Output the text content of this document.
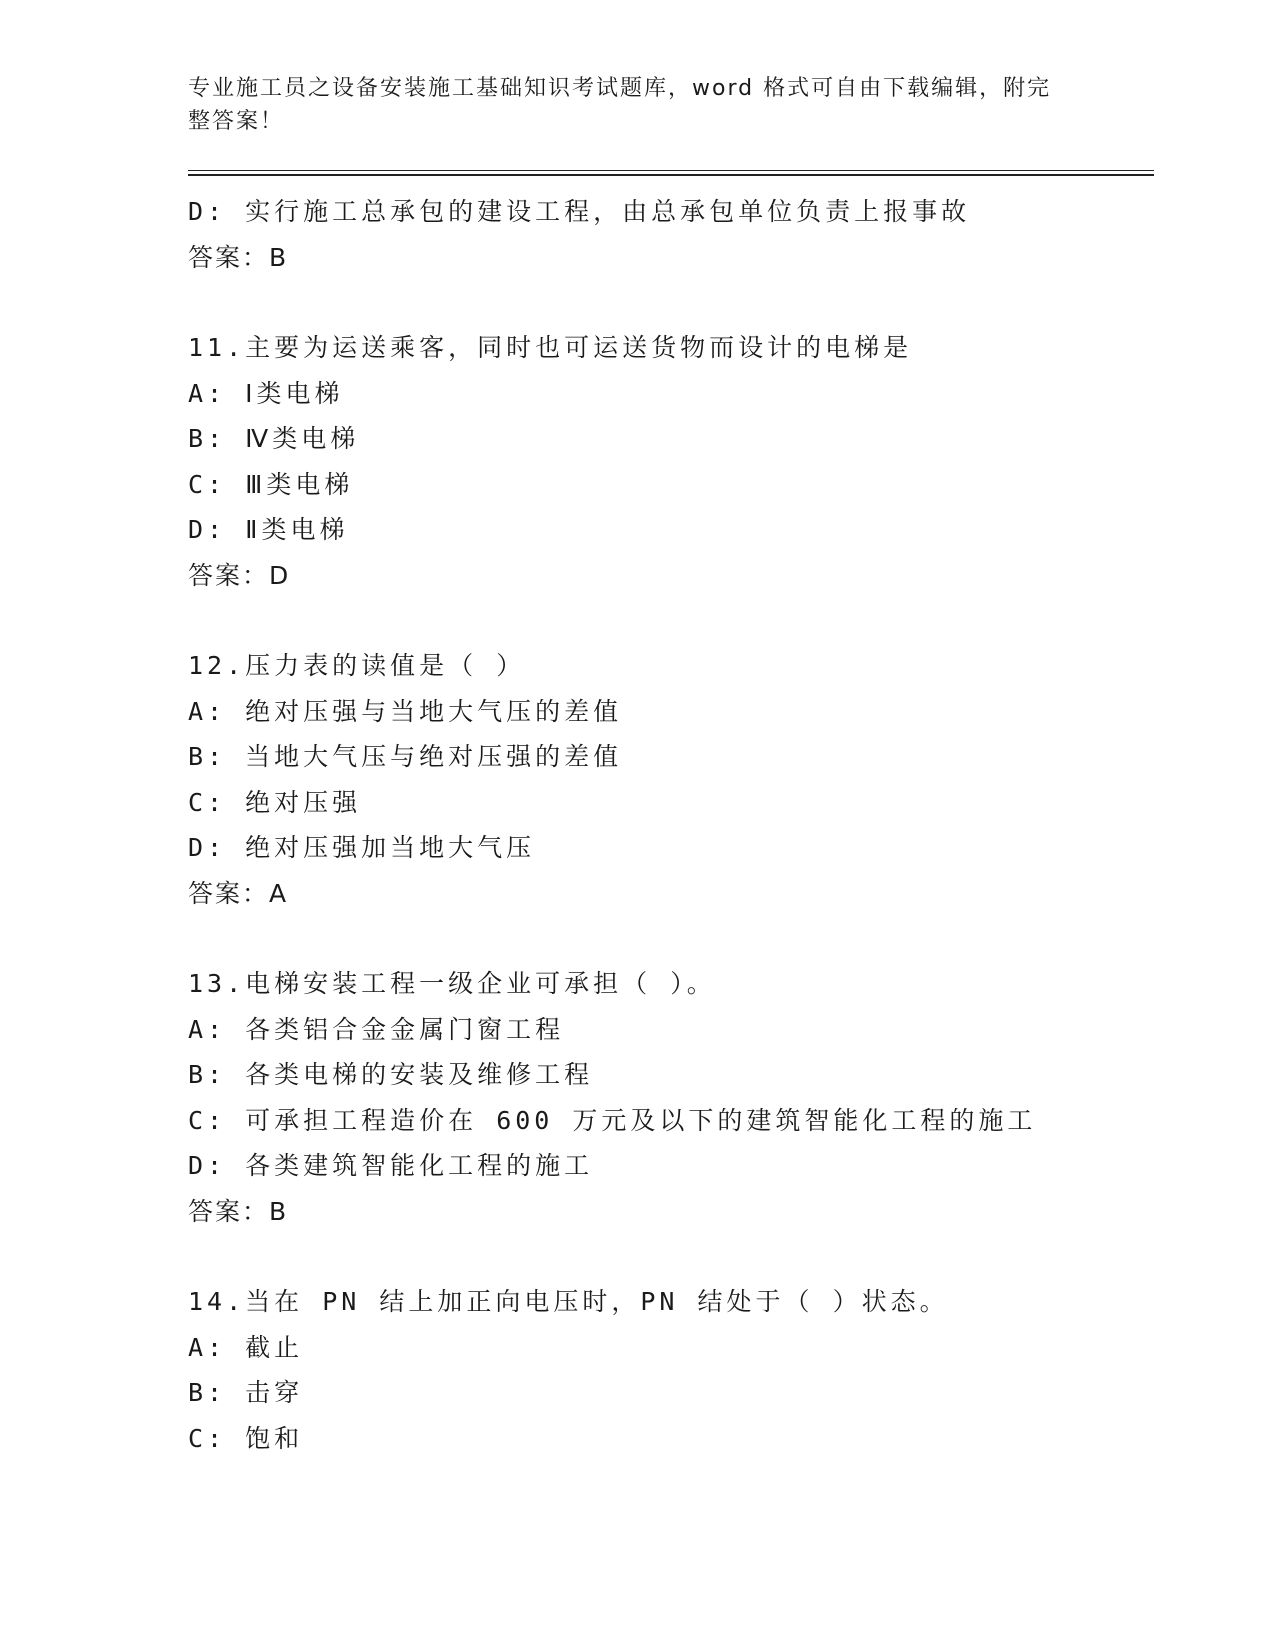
专业施工员之设备安装施工基础知识考试题库，word 格式可自由下载编辑，附完
整答案！
D: 实行施工总承包的建设工程，由总承包单位负责上报事故
答案：B
11.主要为运送乘客，同时也可运送货物而设计的电梯是
A: Ⅰ类电梯
B: Ⅳ类电梯
C: Ⅲ类电梯
D: Ⅱ类电梯
答案：D
12.压力表的读值是（ ）
A: 绝对压强与当地大气压的差值
B: 当地大气压与绝对压强的差值
C: 绝对压强
D: 绝对压强加当地大气压
答案：A
13.电梯安装工程一级企业可承担（ ）。
A: 各类铝合金金属门窗工程
B: 各类电梯的安装及维修工程
C: 可承担工程造价在 600 万元及以下的建筑智能化工程的施工
D: 各类建筑智能化工程的施工
答案：B
14.当在 PN 结上加正向电压时，PN 结处于（ ）状态。
A: 截止
B: 击穿
C: 饱和
